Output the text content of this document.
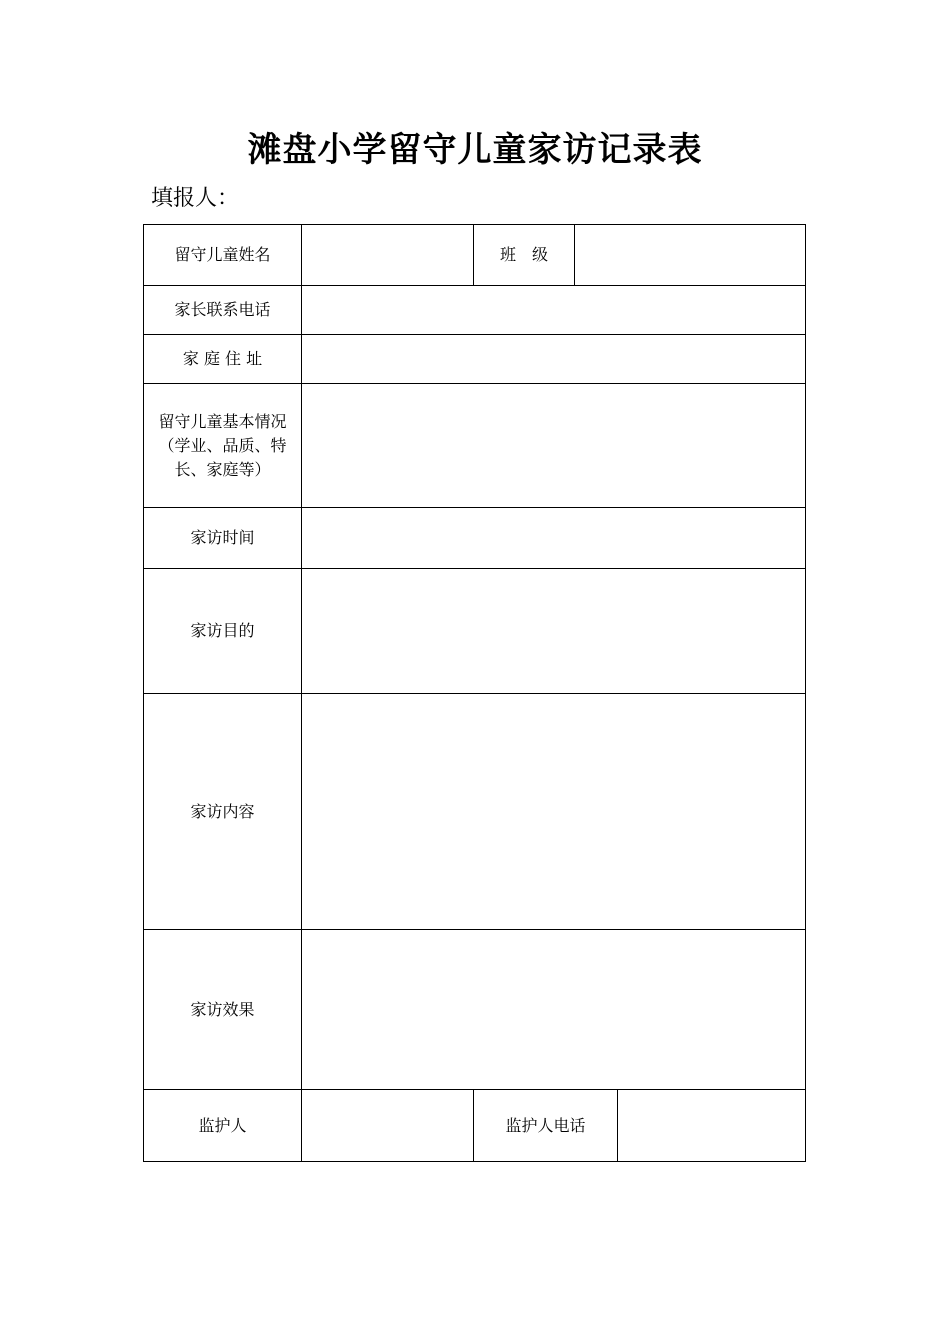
滩盘小学留守儿童家访记录表
填报人：
留守儿童姓名		班　级		
家长联系电话				
家 庭 住 址				
留守儿童基本情况（学业、品质、特长、家庭等）				
家访时间				
家访目的				
家访内容				
家访效果				
监护人		监护人电话		
